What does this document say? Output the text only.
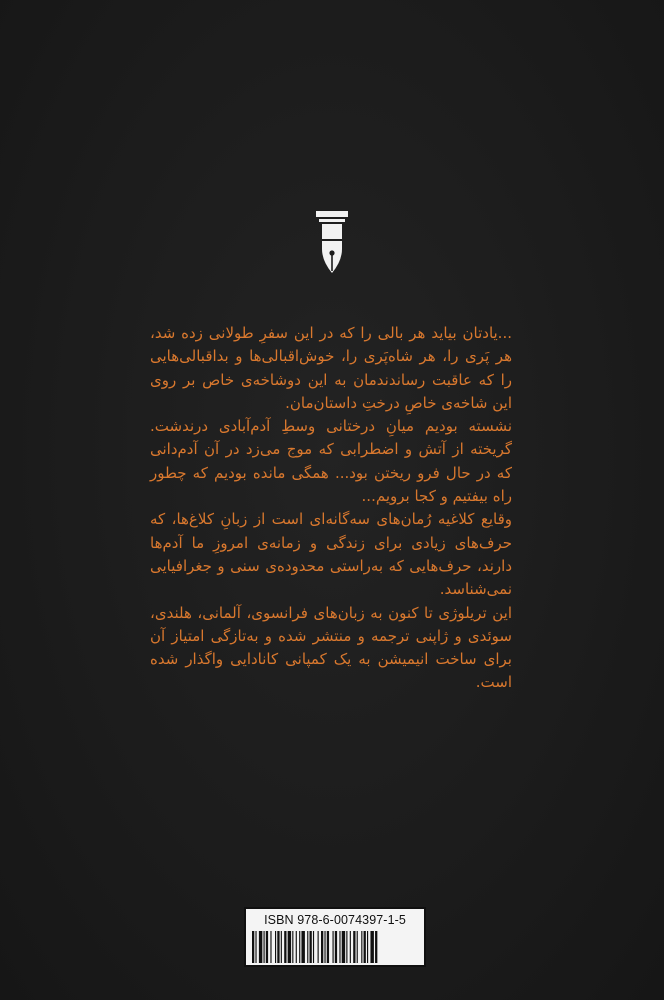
...یادتان بیاید هر بالی را که در این سفرِ طولانی زده شد، هر پَری را، هر شاه‌پَری را، خوش‌اقبالی‌ها و بداقبالی‌هایی را که عاقبت رساندندمان به این دوشاخه‌ی خاص بر روی این شاخه‌ی خاصِ درختِ داستان‌مان.

نشسته بودیم میانِ درختانی وسطِ آدم‌آبادی درندشت. گریخته از آتش و اضطرابی که موج می‌زد در آن آدم‌دانی که در حال فرو ریختن بود... همگی مانده بودیم که چطور راه بیفتیم و کجا برویم...

وقایع کلاغیه رُمان‌های سه‌گانه‌ای است از زبانِ کلاغ‌ها، که حرف‌های زیادی برای زندگی و زمانه‌ی امروزِ ما آدم‌ها دارند، حرف‌هایی که به‌راستی محدوده‌ی سنی و جغرافیایی نمی‌شناسد.

این تریلوژی تا کنون به زبان‌های فرانسوی، آلمانی، هلندی، سوئدی و ژاپنی ترجمه و منتشر شده و به‌تازگی امتیاز آن برای ساخت انیمیشن به یک کمپانی کانادایی واگذار شده است.

ISBN 978-6-0074397-1-5
